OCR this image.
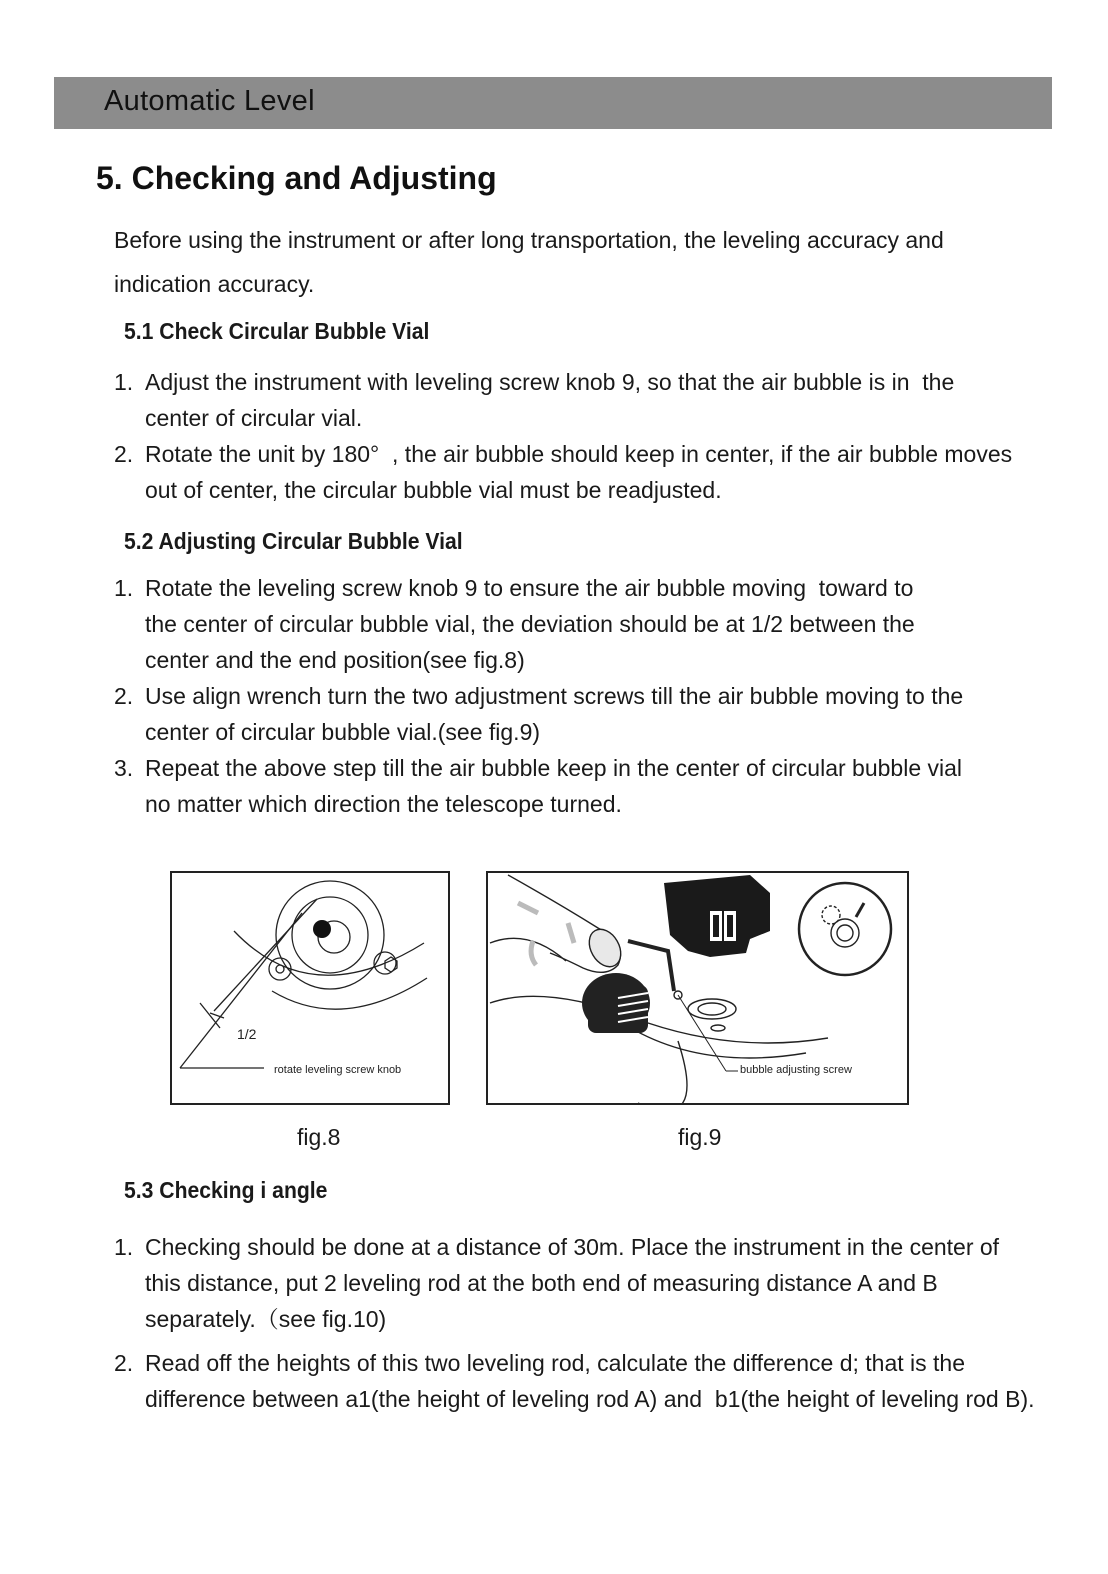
Automatic Level
5. Checking and Adjusting
Before using the instrument or after long transportation, the leveling accuracy and indication accuracy.
5.1 Check Circular Bubble Vial
1. Adjust the instrument with leveling screw knob 9, so that the air bubble is in  the center of circular vial.
2. Rotate the unit by 180°  , the air bubble should keep in center, if the air bubble moves out of center, the circular bubble vial must be readjusted.
5.2 Adjusting Circular Bubble Vial
1. Rotate the leveling screw knob 9 to ensure the air bubble moving  toward to the center of circular bubble vial, the deviation should be at 1/2 between the center and the end position(see fig.8)
2. Use align wrench turn the two adjustment screws till the air bubble moving to the center of circular bubble vial.(see fig.9)
3. Repeat the above step till the air bubble keep in the center of circular bubble vial no matter which direction the telescope turned.
1/2
rotate leveling screw knob
fig.8
bubble adjusting screw
fig.9
5.3 Checking i angle
1. Checking should be done at a distance of 30m. Place the instrument in the center of this distance, put 2 leveling rod at the both end of measuring distance A and B separately.（see fig.10)
2. Read off the heights of this two leveling rod, calculate the difference d; that is the difference between a1(the height of leveling rod A) and  b1(the height of leveling rod B).
